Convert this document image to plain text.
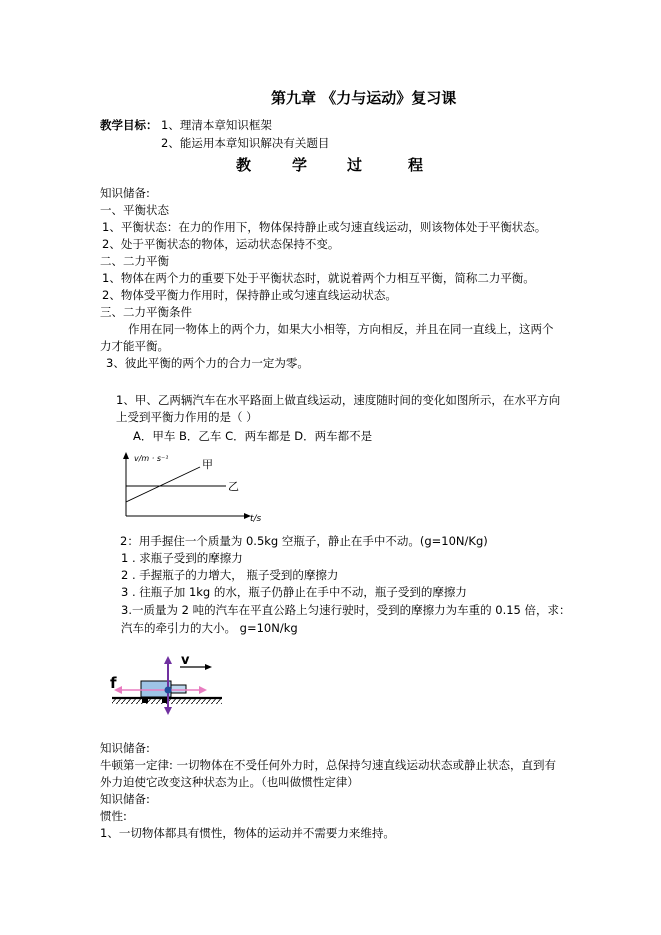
第九章 《力与运动》复习课
教学目标： 1、理清本章知识框架
2、能运用本章知识解决有关题目
教	学	过	程
知识储备:
一、平衡状态
1、平衡状态：在力的作用下，物体保持静止或匀速直线运动，则该物体处于平衡状态。
2、处于平衡状态的物体，运动状态保持不变。
二、二力平衡
1、物体在两个力的重要下处于平衡状态时，就说着两个力相互平衡，简称二力平衡。
2、物体受平衡力作用时，保持静止或匀速直线运动状态。
三、二力平衡条件
作用在同一物体上的两个力，如果大小相等，方向相反，并且在同一直线上，这两个
力才能平衡。
3、彼此平衡的两个力的合力一定为零。
1、甲、乙两辆汽车在水平路面上做直线运动，速度随时间的变化如图所示，在水平方向
上受到平衡力作用的是（ ）
A．甲车 B．乙车 C．两车都是 D．两车都不是
v/m · s⁻¹	甲
乙
t/s
2：用手握住一个质量为 0.5kg 空瓶子，静止在手中不动。(g=10N/Kg)
1 . 求瓶子受到的摩擦力
2 . 手握瓶子的力增大， 瓶子受到的摩擦力
3 . 往瓶子加 1kg 的水，瓶子仍静止在手中不动，瓶子受到的摩擦力
3.一质量为 2 吨的汽车在平直公路上匀速行驶时，受到的摩擦力为车重的 0.15 倍，求：
汽车的牵引力的大小。 g=10N/kg
f
v
知识储备:
牛顿第一定律: 一切物体在不受任何外力时，总保持匀速直线运动状态或静止状态，直到有
外力迫使它改变这种状态为止。（也叫做惯性定律）
知识储备:
惯性:
1、一切物体都具有惯性，物体的运动并不需要力来维持。
